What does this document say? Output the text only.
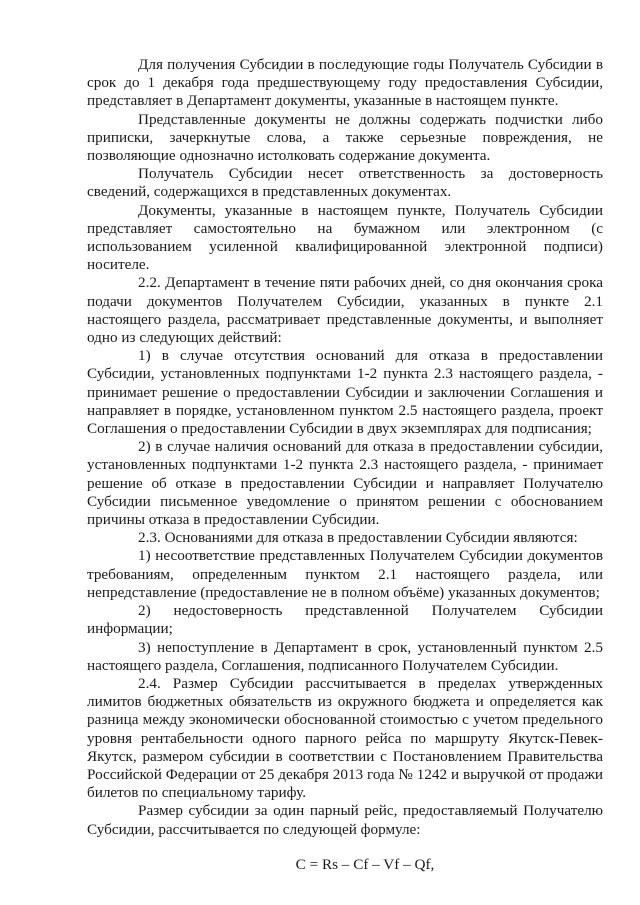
Для получения Субсидии в последующие годы Получатель Субсидии в срок до 1 декабря года предшествующему году предоставления Субсидии, представляет в Департамент документы, указанные в настоящем пункте.

Представленные документы не должны содержать подчистки либо приписки, зачеркнутые слова, а также серьезные повреждения, не позволяющие однозначно истолковать содержание документа.

Получатель Субсидии несет ответственность за достоверность сведений, содержащихся в представленных документах.

Документы, указанные в настоящем пункте, Получатель Субсидии представляет самостоятельно на бумажном или электронном (с использованием усиленной квалифицированной электронной подписи) носителе.

2.2. Департамент в течение пяти рабочих дней, со дня окончания срока подачи документов Получателем Субсидии, указанных в пункте 2.1 настоящего раздела, рассматривает представленные документы, и выполняет одно из следующих действий:

1) в случае отсутствия оснований для отказа в предоставлении Субсидии, установленных подпунктами 1-2 пункта 2.3 настоящего раздела, - принимает решение о предоставлении Субсидии и заключении Соглашения и направляет в порядке, установленном пунктом 2.5 настоящего раздела, проект Соглашения о предоставлении Субсидии в двух экземплярах для подписания;

2) в случае наличия оснований для отказа в предоставлении субсидии, установленных подпунктами 1-2 пункта 2.3 настоящего раздела, - принимает решение об отказе в предоставлении Субсидии и направляет Получателю Субсидии письменное уведомление о принятом решении с обоснованием причины отказа в предоставлении Субсидии.

2.3. Основаниями для отказа в предоставлении Субсидии являются:

1) несоответствие представленных Получателем Субсидии документов требованиям, определенным пунктом 2.1 настоящего раздела, или непредставление (предоставление не в полном объёме) указанных документов;

2) недостоверность представленной Получателем Субсидии информации;

3) непоступление в Департамент в срок, установленный пунктом 2.5 настоящего раздела, Соглашения, подписанного Получателем Субсидии.

2.4. Размер Субсидии рассчитывается в пределах утвержденных лимитов бюджетных обязательств из окружного бюджета и определяется как разница между экономически обоснованной стоимостью с учетом предельного уровня рентабельности одного парного рейса по маршруту Якутск-Певек-Якутск, размером субсидии в соответствии с Постановлением Правительства Российской Федерации от 25 декабря 2013 года № 1242 и выручкой от продажи билетов по специальному тарифу.

Размер субсидии за один парный рейс, предоставляемый Получателю Субсидии, рассчитывается по следующей формуле:

C = Rs – Cf – Vf – Qf,
